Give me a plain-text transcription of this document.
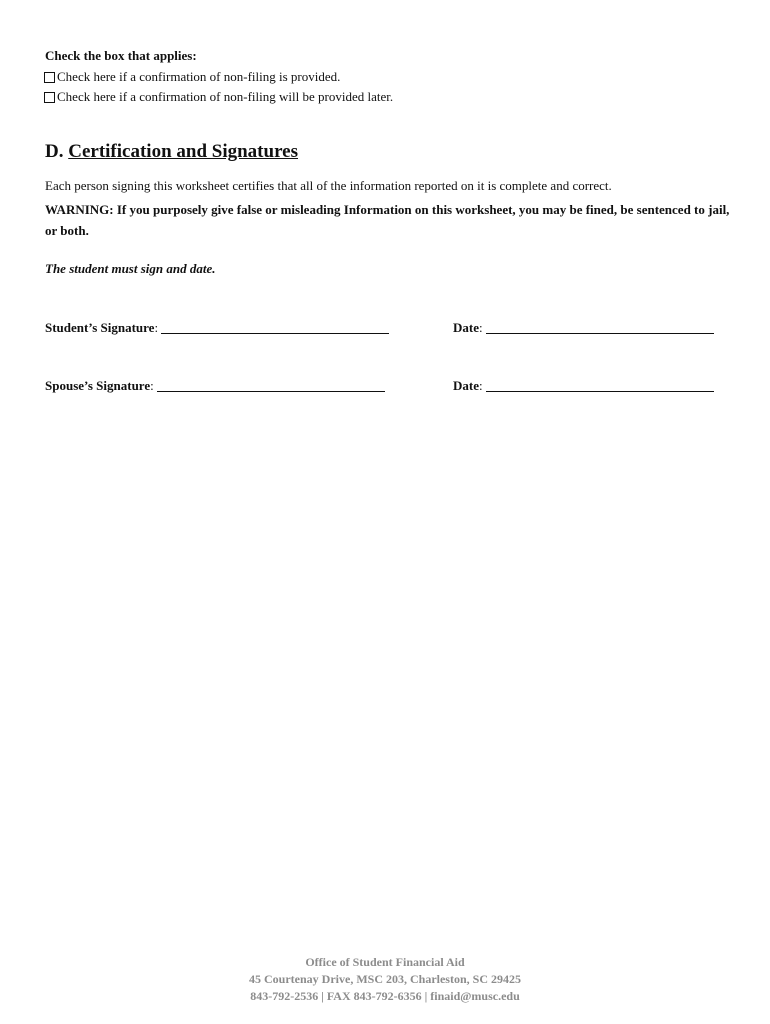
Check the box that applies:
Check here if a confirmation of non-filing is provided.
Check here if a confirmation of non-filing will be provided later.
D. Certification and Signatures
Each person signing this worksheet certifies that all of the information reported on it is complete and correct.
WARNING: If you purposely give false or misleading Information on this worksheet, you may be fined, be sentenced to jail, or both.
The student must sign and date.
Student’s Signature :	Date :
Spouse’s Signature :	Date :
Office of Student Financial Aid
45 Courtenay Drive, MSC 203, Charleston, SC 29425
843-792-2536 | FAX 843-792-6356 | finaid@musc.edu
